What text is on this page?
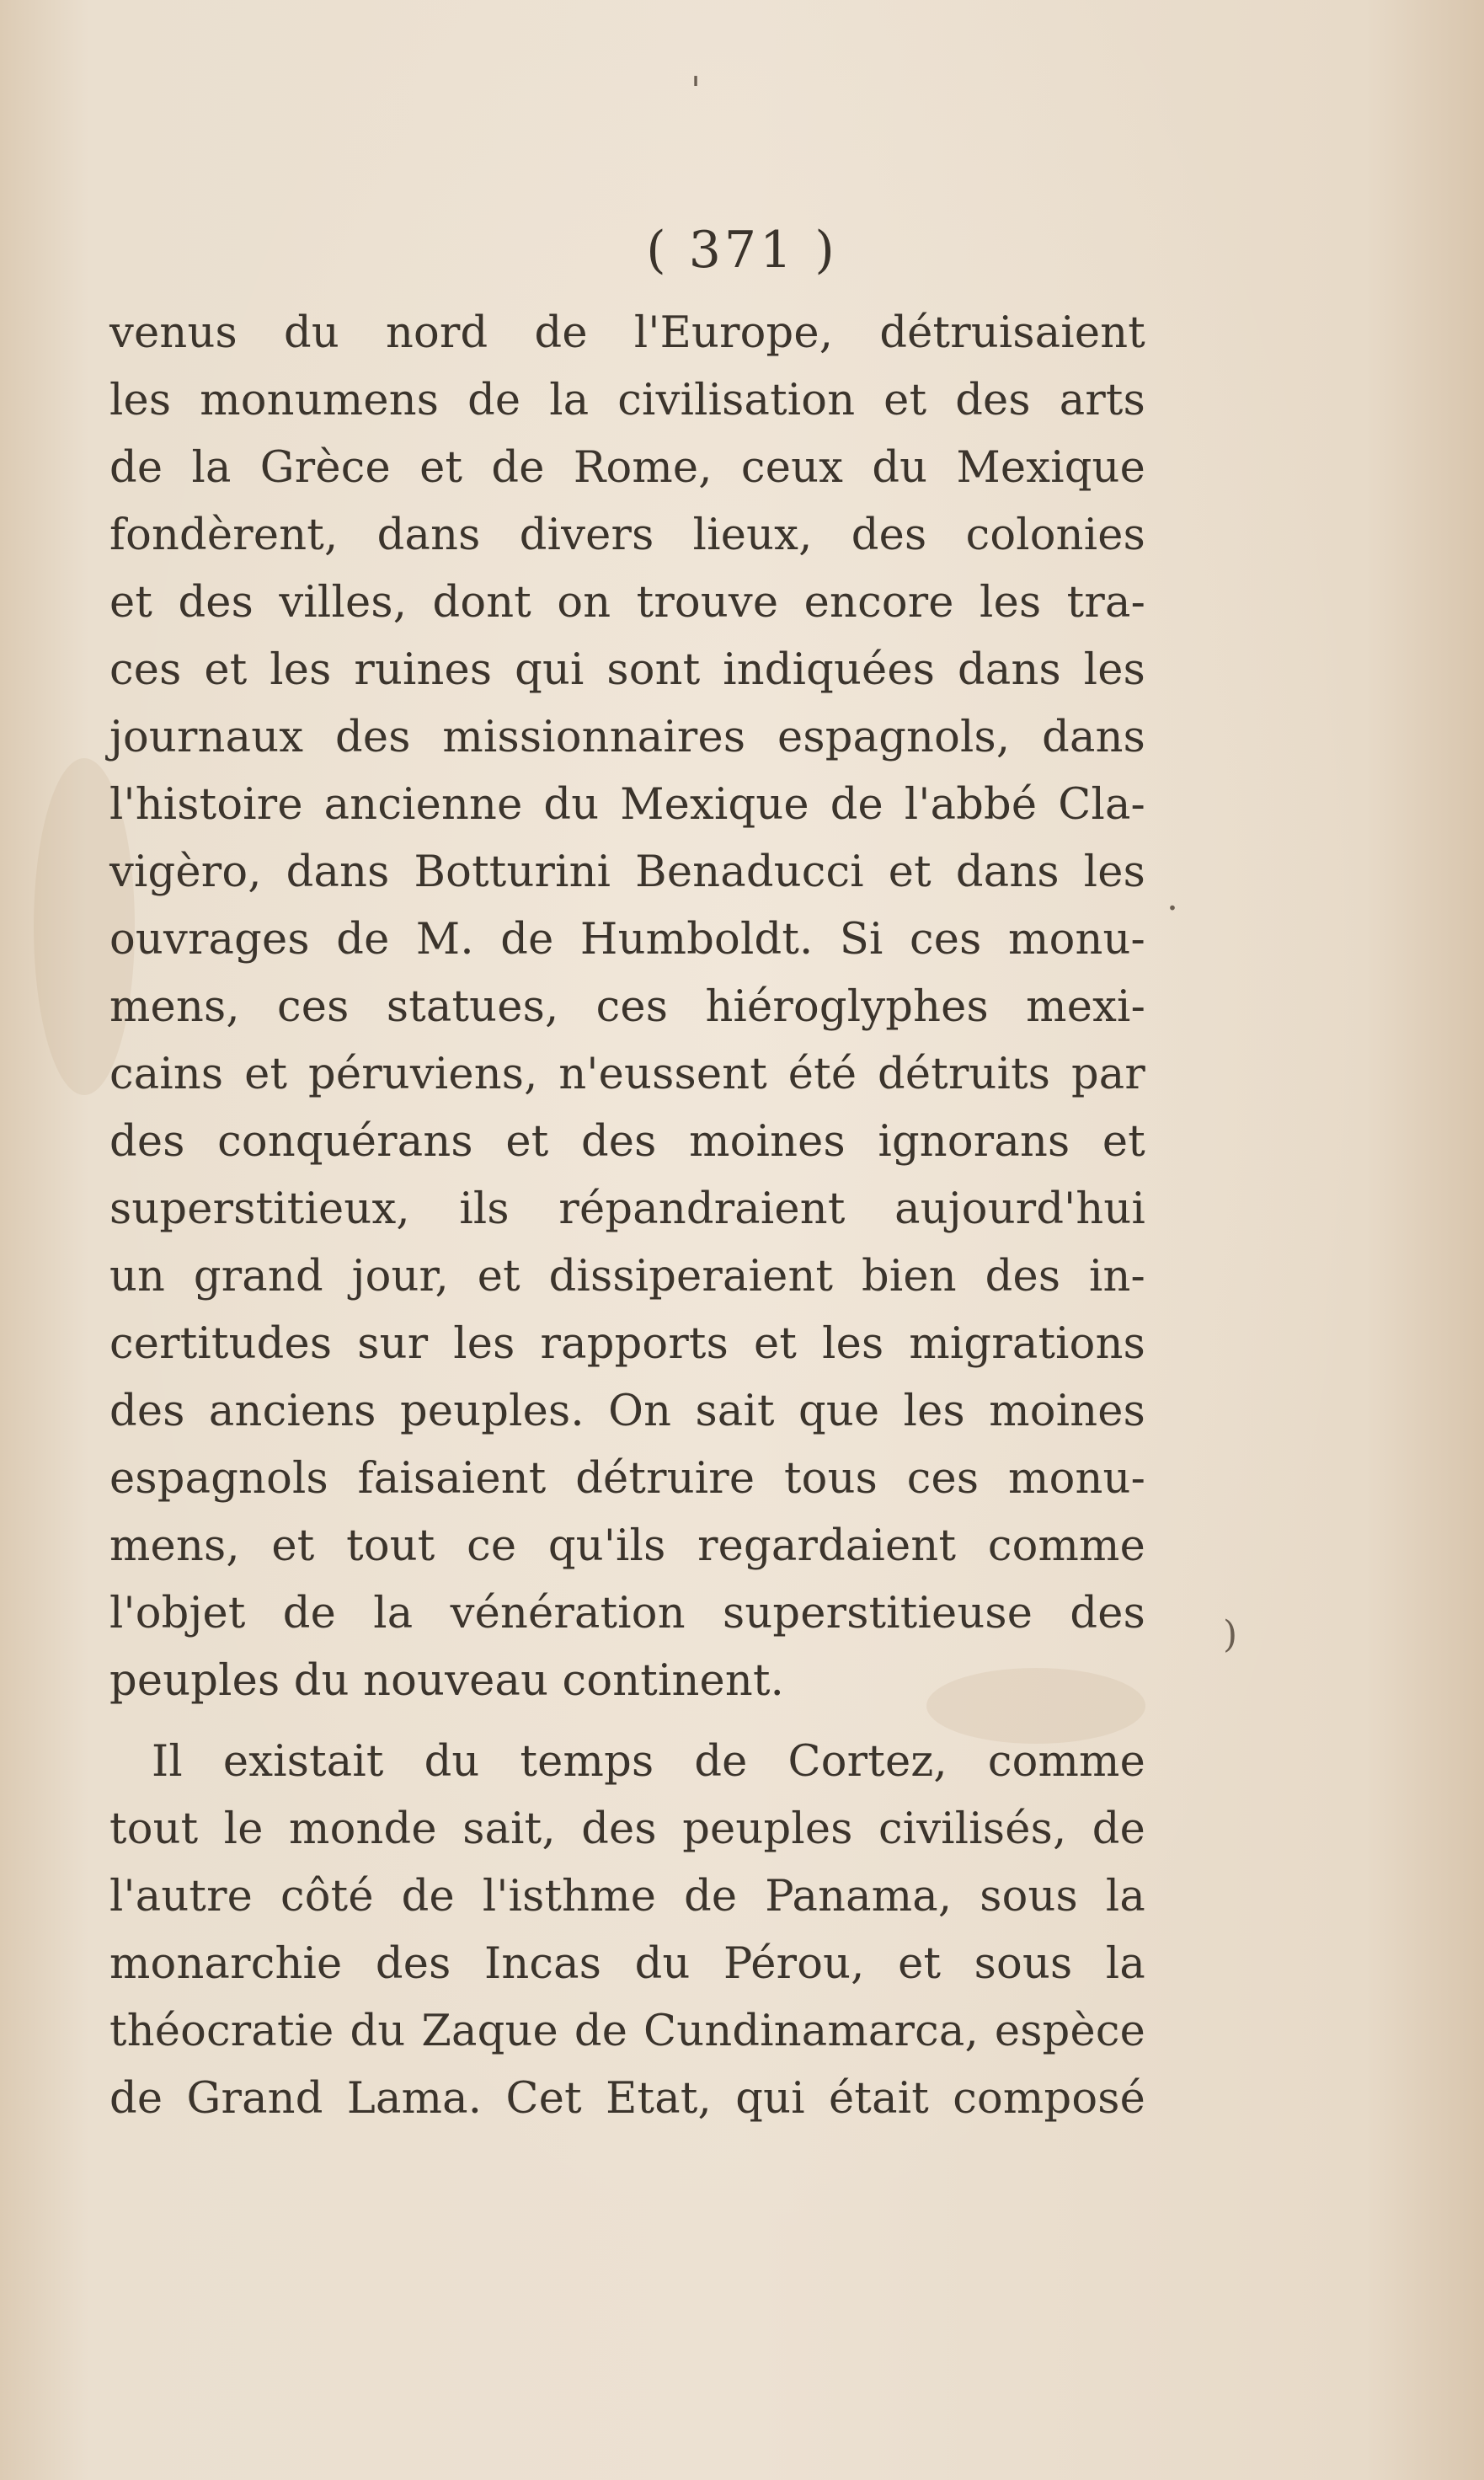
'
.
)
( 371 )
venus du nord de l'Europe, détruisaient
les monumens de la civilisation et des arts
de la Grèce et de Rome, ceux du Mexique
fondèrent, dans divers lieux, des colonies
et des villes, dont on trouve encore les tra-
ces et les ruines qui sont indiquées dans les
journaux des missionnaires espagnols, dans
l'histoire ancienne du Mexique de l'abbé Cla-
vigèro, dans Botturini Benaducci et dans les
ouvrages de M. de Humboldt. Si ces monu-
mens, ces statues, ces hiéroglyphes mexi-
cains et péruviens, n'eussent été détruits par
des conquérans et des moines ignorans et
superstitieux, ils répandraient aujourd'hui
un grand jour, et dissiperaient bien des in-
certitudes sur les rapports et les migrations
des anciens peuples. On sait que les moines
espagnols faisaient détruire tous ces monu-
mens, et tout ce qu'ils regardaient comme
l'objet de la vénération superstitieuse des
peuples du nouveau continent.
Il existait du temps de Cortez, comme
tout le monde sait, des peuples civilisés, de
l'autre côté de l'isthme de Panama, sous la
monarchie des Incas du Pérou, et sous la
théocratie du Zaque de Cundinamarca, espèce
de Grand Lama. Cet Etat, qui était composé
